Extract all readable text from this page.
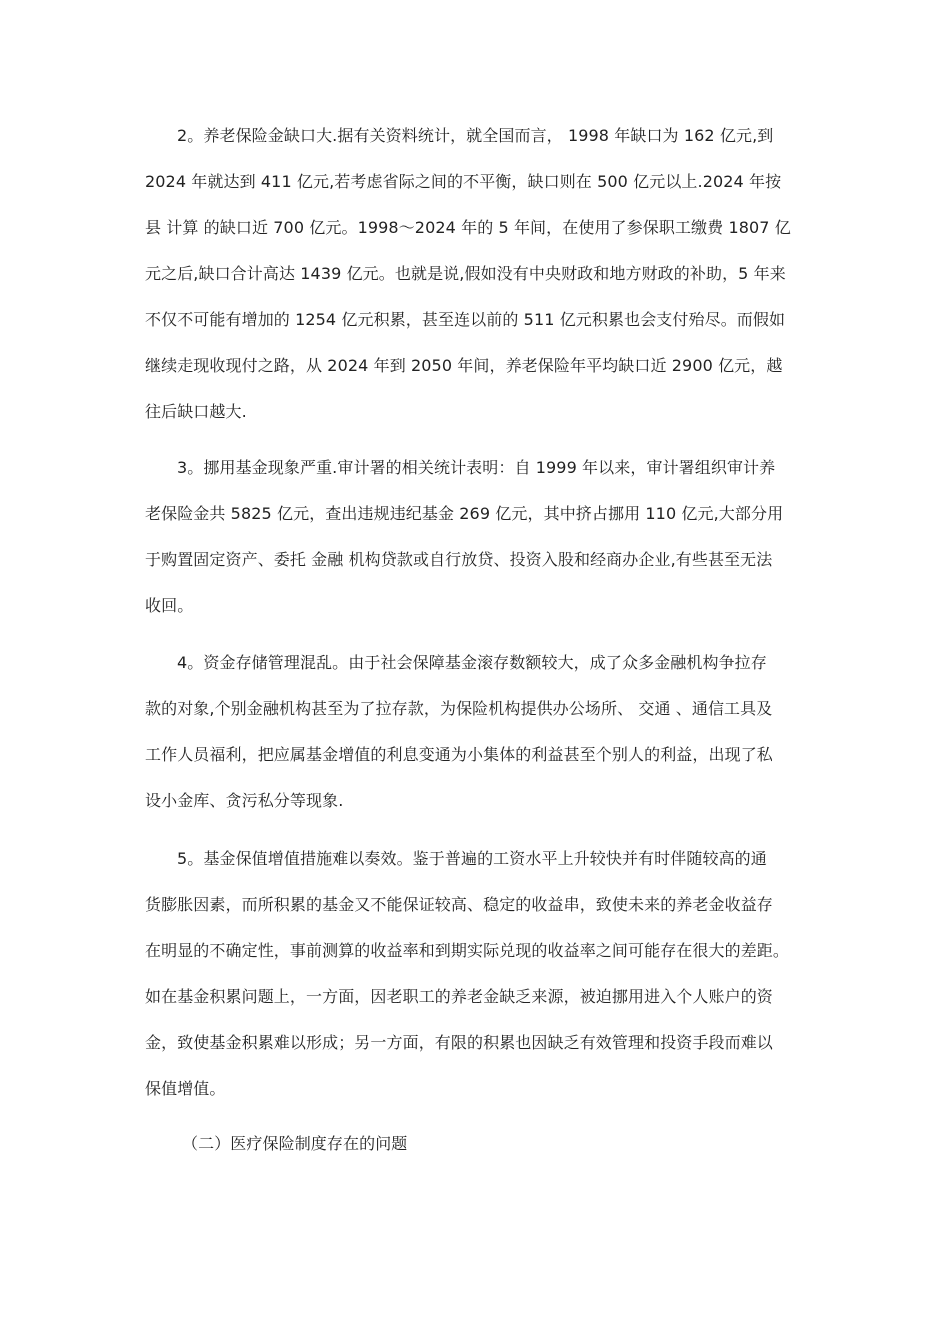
2。养老保险金缺口大.据有关资料统计，就全国而言， 1998 年缺口为 162 亿元,到
2024 年就达到 411 亿元,若考虑省际之间的不平衡，缺口则在 500 亿元以上.2024 年按
县 计算 的缺口近 700 亿元。1998～2024 年的 5 年间，在使用了参保职工缴费 1807 亿
元之后,缺口合计高达 1439 亿元。也就是说,假如没有中央财政和地方财政的补助，5 年来
不仅不可能有增加的 1254 亿元积累，甚至连以前的 511 亿元积累也会支付殆尽。而假如
继续走现收现付之路，从 2024 年到 2050 年间，养老保险年平均缺口近 2900 亿元，越
往后缺口越大.
3。挪用基金现象严重.审计署的相关统计表明：自 1999 年以来，审计署组织审计养
老保险金共 5825 亿元，查出违规违纪基金 269 亿元，其中挤占挪用 110 亿元,大部分用
于购置固定资产、委托 金融 机构贷款或自行放贷、投资入股和经商办企业,有些甚至无法
收回。
4。资金存储管理混乱。由于社会保障基金滚存数额较大，成了众多金融机构争拉存
款的对象,个别金融机构甚至为了拉存款，为保险机构提供办公场所、 交通 、通信工具及
工作人员福利，把应属基金增值的利息变通为小集体的利益甚至个别人的利益，出现了私
设小金库、贪污私分等现象.
5。基金保值增值措施难以奏效。鉴于普遍的工资水平上升较快并有时伴随较高的通
货膨胀因素，而所积累的基金又不能保证较高、稳定的收益串，致使未来的养老金收益存
在明显的不确定性，事前测算的收益率和到期实际兑现的收益率之间可能存在很大的差距。
如在基金积累问题上，一方面，因老职工的养老金缺乏来源，被迫挪用进入个人账户的资
金，致使基金积累难以形成；另一方面，有限的积累也因缺乏有效管理和投资手段而难以
保值增值。
（二）医疗保险制度存在的问题
